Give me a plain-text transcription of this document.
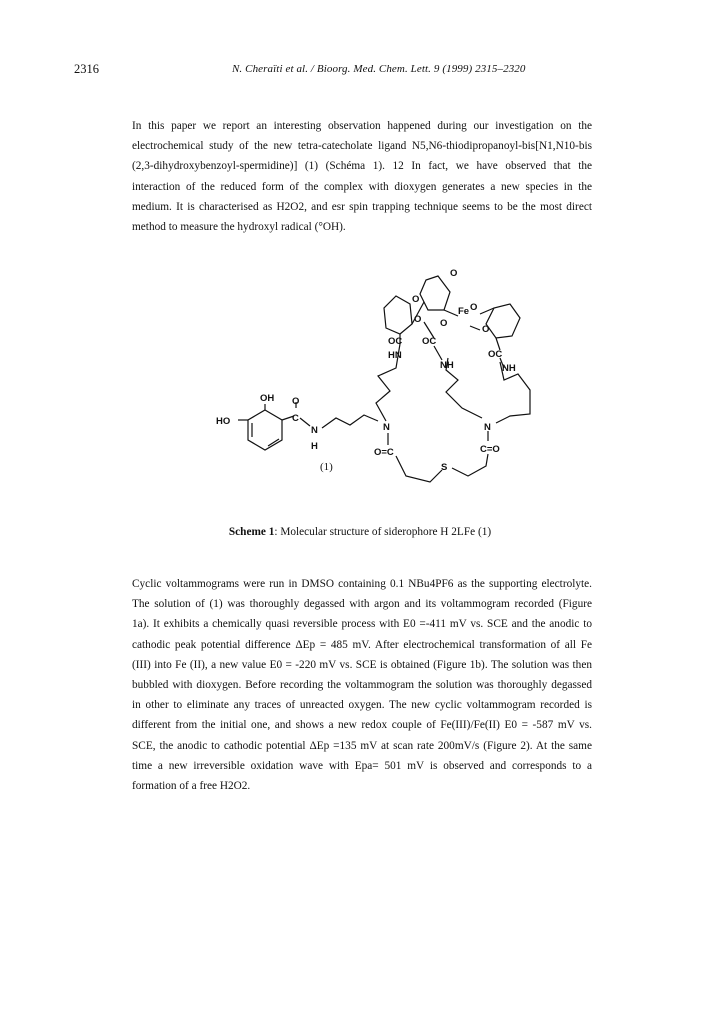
2316	N. Cheraïti et al. / Bioorg. Med. Chem. Lett. 9 (1999) 2315–2320
In this paper we report an interesting observation happened during our investigation on the
electrochemical study of the new tetra-catecholate ligand N5,N6-thiodipropanoyl-bis[N1,N10-bis
(2,3-dihydroxybenzoyl-spermidine)] (1) (Schéma 1). 12 In fact, we have observed that the
interaction of the reduced form of the complex with dioxygen generates a new species in the
medium. It is characterised as H2O2, and esr spin trapping technique seems to be the most direct
method to measure the hydroxyl radical (°OH).
OH
HO
O
C
N
H
N
O=C
S
N
C=O
OC OC
OC
HN
NH	NH
Fe
O
O
O
O
O
O
(1)
Scheme 1: Molecular structure of siderophore H 2LFe (1)
Cyclic voltammograms were run in DMSO containing 0.1 NBu4PF6 as the supporting electrolyte.
The solution of (1) was thoroughly degassed with argon and its voltammogram recorded (Figure
1a). It exhibits a chemically quasi reversible process with E0 =-411 mV vs. SCE and the anodic to
cathodic peak potential difference ΔEp = 485 mV. After electrochemical transformation of all Fe
(III) into Fe (II), a new value E0 = -220 mV vs. SCE is obtained (Figure 1b). The solution was then
bubbled with dioxygen. Before recording the voltammogram the solution was thoroughly degassed
in other to eliminate any traces of unreacted oxygen. The new cyclic voltammogram recorded is
different from the initial one, and shows a new redox couple of Fe(III)/Fe(II) E0 = -587 mV vs.
SCE, the anodic to cathodic potential ΔEp =135 mV at scan rate 200mV/s (Figure 2). At the same
time a new irreversible oxidation wave with Epa= 501 mV is observed and corresponds to a
formation of a free H2O2.
